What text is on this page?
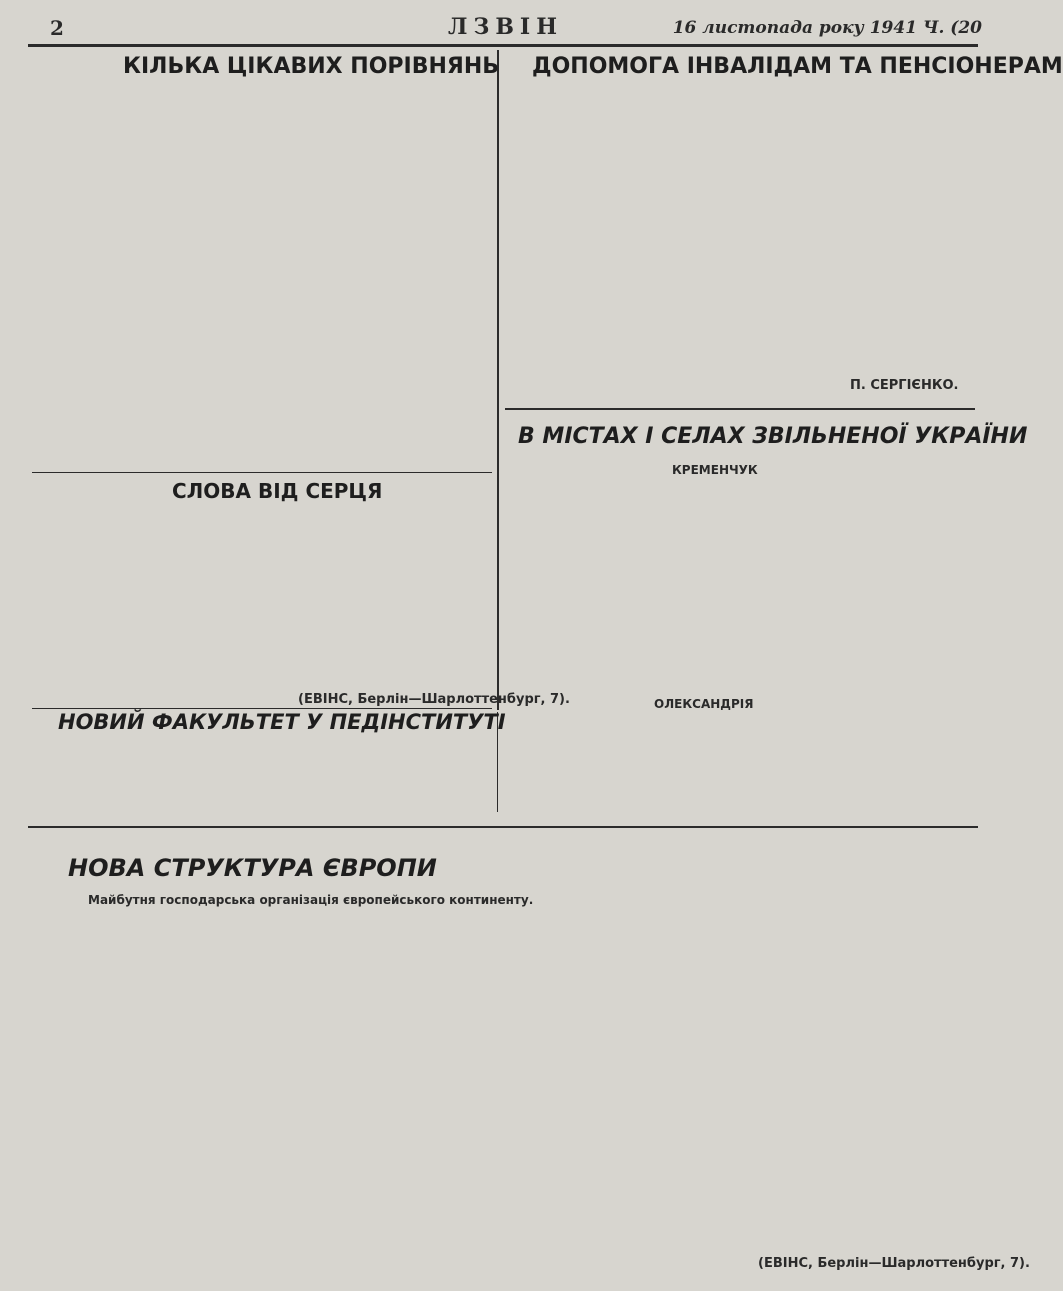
2	ЛЗВІН	16 листопада року 1941 Ч. (20
КІЛЬКА ЦІКАВИХ ПОРІВНЯНЬ ДОПОМОГА ІНВАЛІДАМ ТА ПЕНСІОНЕРАМ
П. СЕРГІЄНКО.
СЛОВА ВІД СЕРЦЯ
(ЕВІНС, Берлін—Шарлоттенбург, 7).
В МІСТАХ І СЕЛАХ ЗВІЛЬНЕНОЇ УКРАЇНИ
КРЕМЕНЧУК
ОЛЕКСАНДРІЯ
НОВИЙ ФАКУЛЬТЕТ У ПЕДІНСТИТУТІ
НОВА СТРУКТУРА ЄВРОПИ
Майбутня господарська організація європейського континенту.
(ЕВІНС, Берлін—Шарлоттенбург, 7).
